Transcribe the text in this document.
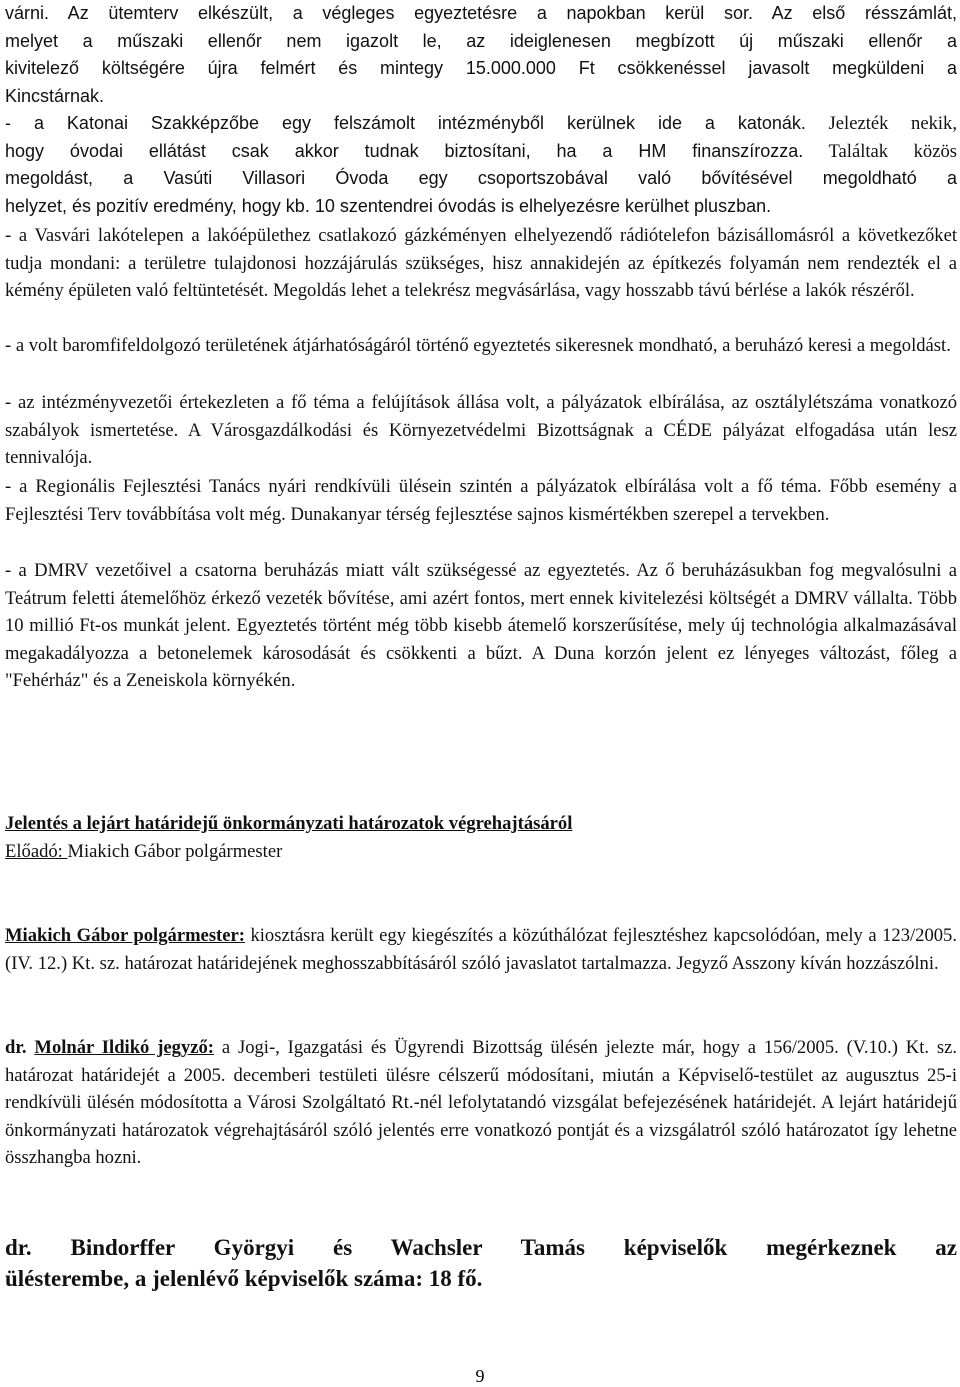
várni. Az ütemterv elkészült, a végleges egyeztetésre a napokban kerül sor. Az első résszámlát,
melyet a műszaki ellenőr nem igazolt le, az ideiglenesen megbízott új műszaki ellenőr a
kivitelező költségére újra felmért és mintegy 15.000.000 Ft csökkenéssel javasolt megküldeni a
Kincstárnak.
- a Katonai Szakképzőbe egy felszámolt intézményből kerülnek ide a katonák. Jelezték nekik,
hogy óvodai ellátást csak akkor tudnak biztosítani, ha a HM finanszírozza. Találtak közös
megoldást, a Vasúti Villasori Óvoda egy csoportszobával való bővítésével megoldható a
helyzet, és pozitív eredmény, hogy kb. 10 szentendrei óvodás is elhelyezésre kerülhet pluszban.

- a Vasvári lakótelepen a lakóépülethez csatlakozó gázkéményen elhelyezendő rádiótelefon bázisállomásról a következőket tudja mondani: a területre tulajdonosi hozzájárulás szükséges, hisz annakidején az építkezés folyamán nem rendezték el a kémény épületen való feltüntetését. Megoldás lehet a telekrész megvásárlása, vagy hosszabb távú bérlése a lakók részéről.

- a volt baromfifeldolgozó területének átjárhatóságáról történő egyeztetés sikeresnek mondható, a beruházó keresi a megoldást.

- az intézményvezetői értekezleten a fő téma a felújítások állása volt, a pályázatok elbírálása, az osztálylétszáma vonatkozó szabályok ismertetése. A Városgazdálkodási és Környezetvédelmi Bizottságnak a CÉDE pályázat elfogadása után lesz tennivalója.

- a Regionális Fejlesztési Tanács nyári rendkívüli ülésein szintén a pályázatok elbírálása volt a fő téma. Főbb esemény a Fejlesztési Terv továbbítása volt még. Dunakanyar térség fejlesztése sajnos kismértékben szerepel a tervekben.

- a DMRV vezetőivel a csatorna beruházás miatt vált szükségessé az egyeztetés. Az ő beruházásukban fog megvalósulni a Teátrum feletti átemelőhöz érkező vezeték bővítése, ami azért fontos, mert ennek kivitelezési költségét a DMRV vállalta. Több 10 millió Ft-os munkát jelent. Egyeztetés történt még több kisebb átemelő korszerűsítése, mely új technológia alkalmazásával megakadályozza a betonelemek károsodását és csökkenti a bűzt. A Duna korzón jelent ez lényeges változást, főleg a "Fehérház" és a Zeneiskola környékén.

Jelentés a lejárt határidejű önkormányzati határozatok végrehajtásáról
Előadó: Miakich Gábor polgármester

Miakich Gábor polgármester: kiosztásra került egy kiegészítés a közúthálózat fejlesztéshez kapcsolódóan, mely a 123/2005. (IV. 12.) Kt. sz. határozat határidejének meghosszabbításáról szóló javaslatot tartalmazza. Jegyző Asszony kíván hozzászólni.

dr. Molnár Ildikó jegyző: a Jogi-, Igazgatási és Ügyrendi Bizottság ülésén jelezte már, hogy a 156/2005. (V.10.) Kt. sz. határozat határidejét a 2005. decemberi testületi ülésre célszerű módosítani, miután a Képviselő-testület az augusztus 25-i rendkívüli ülésén módosította a Városi Szolgáltató Rt.-nél lefolytatandó vizsgálat befejezésének határidejét. A lejárt határidejű önkormányzati határozatok végrehajtásáról szóló jelentés erre vonatkozó pontját és a vizsgálatról szóló határozatot így lehetne összhangba hozni.

dr. Bindorffer Györgyi és Wachsler Tamás képviselők megérkeznek az
ülésterembe, a jelenlévő képviselők száma: 18 fő.
9
